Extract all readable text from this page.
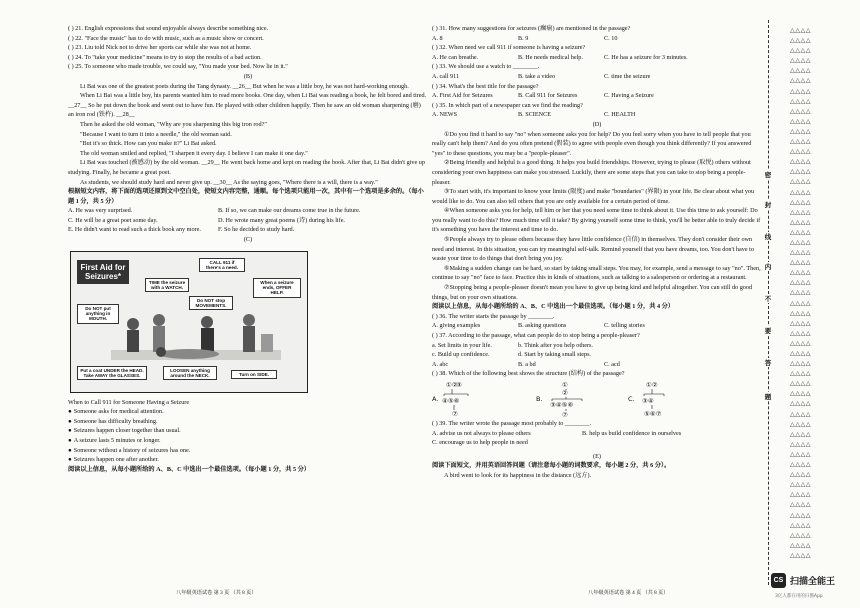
( ) 21. English expressions that sound enjoyable always describe something nice.
( ) 22. "Face the music" has to do with music, such as a music show or concert.
( ) 23. Liu told Nick not to drive her sports car while she was not at home.
( ) 24. To "take your medicine" means to try to stop the results of a bad action.
( ) 25. To someone who made trouble, we could say, "You made your bed. Now lie in it."
(B)
Li Bai was one of the greatest poets during the Tang dynasty. __26__ But when he was a little boy, he was not hard-working enough.
When Li Bai was a little boy, his parents wanted him to read more books. One day, when Li Bai was reading a book, he felt bored and tired. __27__ So he put down the book and went out to have fun. He played with other children happily. Then he saw an old woman sharpening (磨) an iron rod (铁杵). __28__
Then he asked the old woman, "Why are you sharpening this big iron rod?"
"Because I want to turn it into a needle," the old woman said.
"But it's so thick. How can you make it?" Li Bai asked.
The old woman smiled and replied, "I sharpen it every day. I believe I can make it one day."
Li Bai was touched (被感动) by the old woman. __29__ He went back home and kept on reading the book. After that, Li Bai didn't give up studying. Finally, he became a great poet.
As students, we should study hard and never give up. __30__ As the saying goes, "Where there is a will, there is a way."
根据短文内容，将下面的选项还原到文中空白处，使短文内容完整，通顺。每个选项只能用一次，其中有一个选项是多余的。（每小题 1 分，共 5 分）
A. He was very surprised.	B. If so, we can make our dreams come true in the future.
C. He will be a great poet some day.	D. He wrote many great poems (诗) during his life.
E. He didn't want to read such a thick book any more.	F. So he decided to study hard.
(C)
First Aid for Seizures*
TIME the seizure with a WATCH.
CALL 911 if there's a need.
When a seizure ends, OFFER HELP.
Do NOT stop MOVEMENTS.
Do NOT put anything in MOUTH.
Put a coat UNDER the HEAD. Take AWAY the GLASSES.
LOOSEN anything around the NECK.	Turn on SIDE.
When to Call 911 for Someone Having a Seizure
● Someone asks for medical attention.
● Someone has difficulty breathing.
● Seizures happen closer together than usual.
● A seizure lasts 5 minutes or longer.
● Someone without a history of seizures has one.
● Seizures happen one after another.
阅读以上信息，从每小题所给的 A、B、C 中选出一个最佳选项。（每小题 1 分，共 5 分）
八年级英语试卷 第 3 页 （共 8 页）
( ) 31. How many suggestions for seizures (癫痫) are mentioned in the passage?
A. 8	B. 9	C. 10
( ) 32. When need we call 911 if someone is having a seizure?
A. He can breathe.	B. He needs medical help.	C. He has a seizure for 3 minutes.
( ) 33. We should use a watch to ________.
A. call 911	B. take a video	C. time the seizure
( ) 34. What's the best title for the passage?
A. First Aid for Seizures	B. Call 911 for Seizures	C. Having a Seizure
( ) 35. In which part of a newspaper can we find the reading?
A. NEWS	B. SCIENCE	C. HEALTH
(D)
①Do you find it hard to say "no" when someone asks you for help? Do you feel sorry when you have to tell people that you really can't help them? And do you often pretend (假装) to agree with people even though you think differently? If you answered "yes" to these questions, you may be a "people-pleaser".
②Being friendly and helpful is a good thing. It helps you build friendships. However, trying to please (取悦) others without considering your own happiness can make you stressed. Luckily, there are some steps that you can take to stop being a people-pleaser.
③To start with, it's important to know your limits (限度) and make "boundaries" (界限) in your life. Be clear about what you would like to do. You can also tell others that you are only available for a certain period of time.
④When someone asks you for help, tell him or her that you need some time to think about it. Use this time to ask yourself: Do you really want to do this? How much time will it take? By giving yourself some time to think, you'll be better able to truly decide if it's something you have the interest and time to do.
⑤People always try to please others because they have little confidence (自信) in themselves. They don't consider their own need and interest. In this situation, you can try meaningful self-talk. Remind yourself that you have dreams, too. You don't have to waste your time to do things that don't bring you joy.
⑥Making a sudden change can be hard, so start by taking small steps. You may, for example, send a message to say "no". Then, continue to say "no" face to face. Practice this in kinds of situations, such as talking to a salesperson or ordering at a restaurant.
⑦Stopping being a people-pleaser doesn't mean you have to give up being kind and helpful altogether. You can still do good things, but on your own situations.
阅读以上信息，从每小题所给的 A、B、C 中选出一个最佳选项。（每小题 1 分，共 4 分）
( ) 36. The writer starts the passage by ________.
A. giving examples	B. asking questions	C. telling stories
( ) 37. According to the passage, what can people do to stop being a people-pleaser?
a. Set limits in your life.	b. Think after you help others.
c. Build up confidence.	d. Start by taking small steps.
A. abc	B. a bd	C. acd
( ) 38. Which of the following best shows the structure (结构) of the passage?
A.
①②
③
④⑤⑥
⑦
B.
①
②
③④⑤⑥
⑦
C.
①②
③④
⑤⑥⑦
( ) 39. The writer wrote the passage most probably to ________.
A. advise us not always to please others	B. help us build confidence in ourselves
C. encourage us to help people in need
(E)
阅读下面短文，并用英语回答问题（请注意每小题的词数要求，每小题 2 分，共 6 分）。
A bird went to look for its happiness in the distance (远方).
八年级英语试卷 第 4 页 （共 8 页）
密
封
线
内
不
要
答
题
△△△△
△△△△
△△△△
△△△△
△△△△
△△△△
△△△△
△△△△
△△△△
△△△△
△△△△
△△△△
△△△△
△△△△
△△△△
△△△△
△△△△
△△△△
△△△△
△△△△
△△△△
△△△△
△△△△
△△△△
△△△△
△△△△
△△△△
△△△△
△△△△
△△△△
△△△△
△△△△
△△△△
△△△△
△△△△
△△△△
△△△△
△△△△
△△△△
△△△△
△△△△
△△△△
△△△△
△△△△
△△△△
△△△△
△△△△
△△△△
△△△△
△△△△
△△△△
△△△△
△△△△
CS 扫描全能王
3亿人都在用的扫描App
